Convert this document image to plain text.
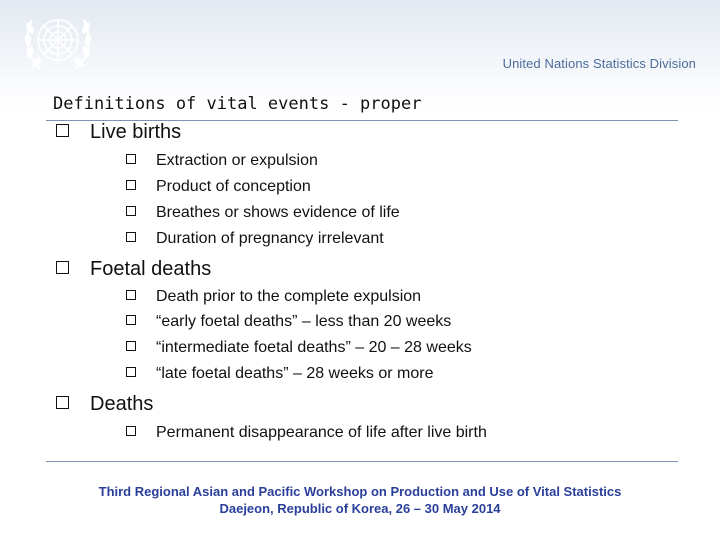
United Nations Statistics Division
Definitions of vital events - proper
Live births
Extraction or expulsion
Product of conception
Breathes or shows evidence of life
Duration of pregnancy irrelevant
Foetal deaths
Death prior to the complete expulsion
“early foetal deaths” – less than 20 weeks
“intermediate foetal deaths” – 20 – 28 weeks
“late foetal deaths” – 28 weeks or more
Deaths
Permanent disappearance of life after live birth
Third Regional Asian and Pacific Workshop on Production and Use of Vital Statistics
Daejeon, Republic of Korea, 26 – 30 May 2014
